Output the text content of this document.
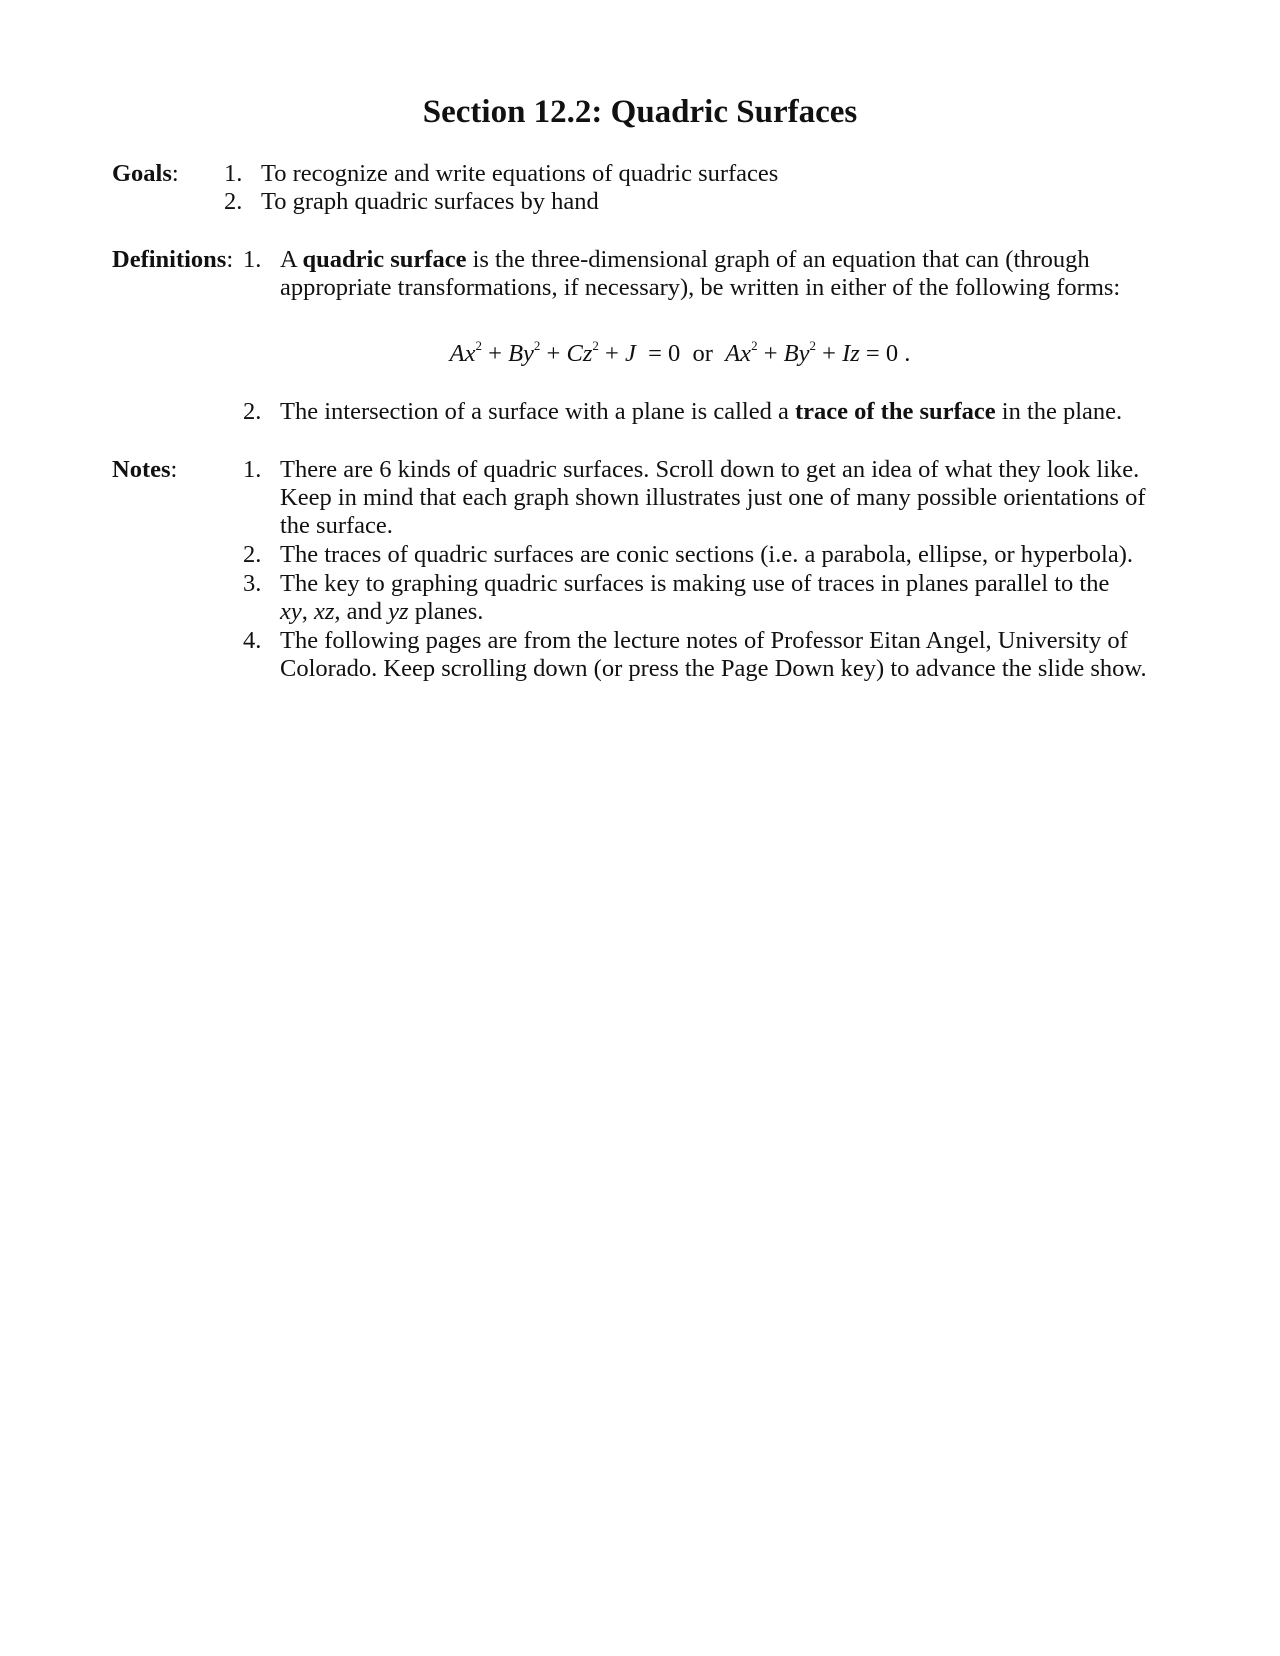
Section 12.2: Quadric Surfaces
Goals: 1. To recognize and write equations of quadric surfaces
2. To graph quadric surfaces by hand
Definitions: 1. A quadric surface is the three-dimensional graph of an equation that can (through
appropriate transformations, if necessary), be written in either of the following forms:
$Ax^2 + By^2 + Cz^2 + J = 0$  or $Ax^2 + By^2 + Iz = 0$ .
2. The intersection of a surface with a plane is called a trace of the surface in the plane.
Notes:	1. There are 6 kinds of quadric surfaces. Scroll down to get an idea of what they look like.
Keep in mind that each graph shown illustrates just one of many possible orientations of
the surface.
2. The traces of quadric surfaces are conic sections (i.e. a parabola, ellipse, or hyperbola).
3. The key to graphing quadric surfaces is making use of traces in planes parallel to the
xy, xz, and yz planes.
4. The following pages are from the lecture notes of Professor Eitan Angel, University of
Colorado. Keep scrolling down (or press the Page Down key) to advance the slide show.
